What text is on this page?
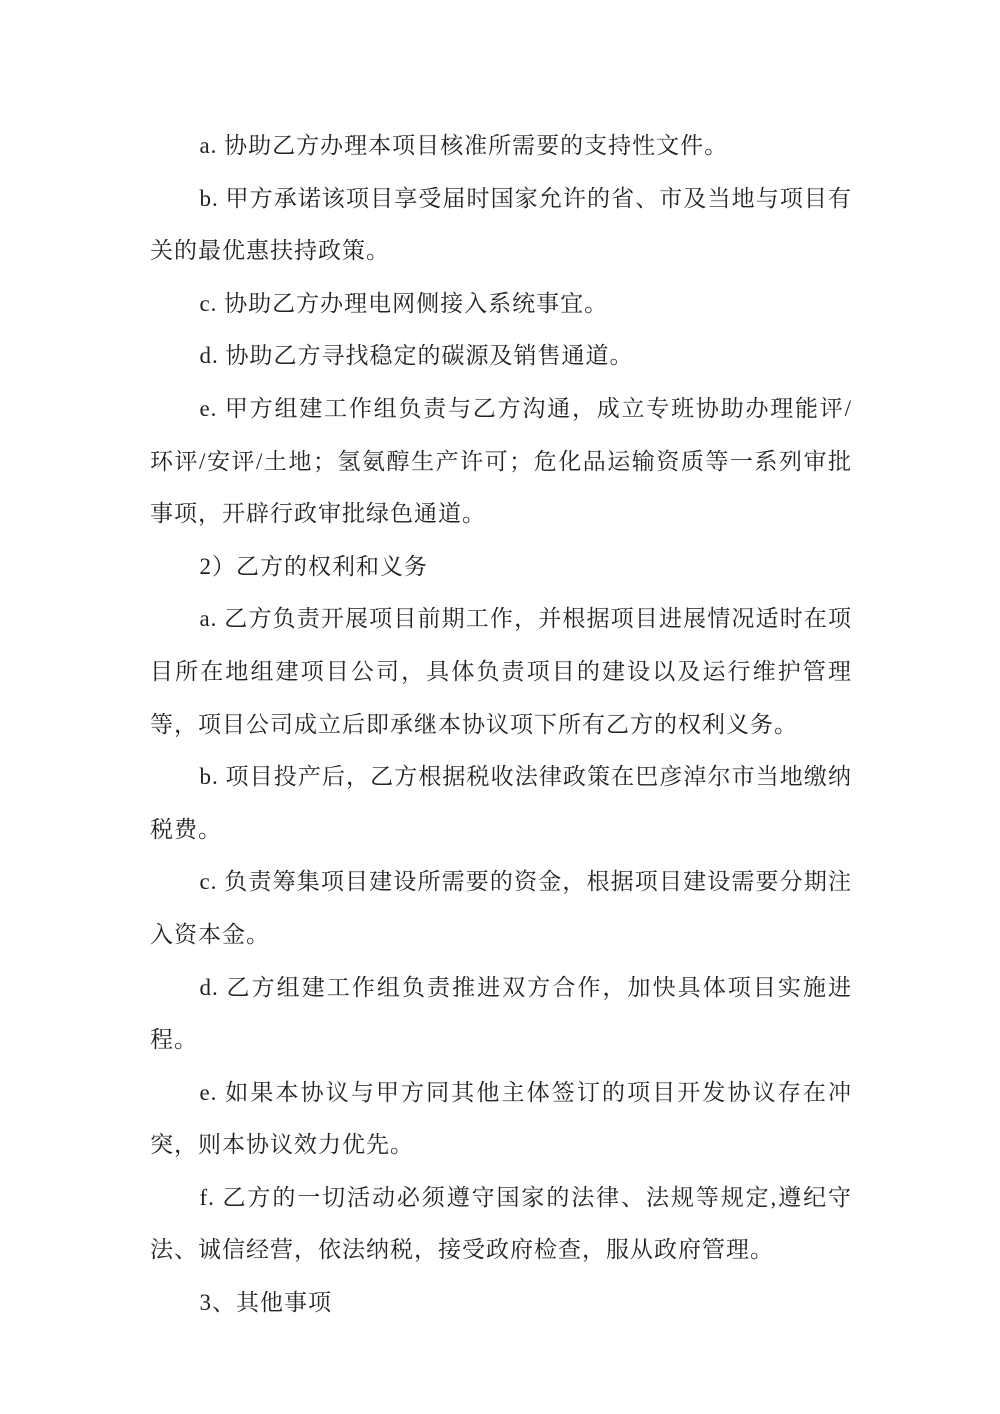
a. 协助乙方办理本项目核准所需要的支持性文件。

b. 甲方承诺该项目享受届时国家允许的省、市及当地与项目有关的最优惠扶持政策。

c. 协助乙方办理电网侧接入系统事宜。

d. 协助乙方寻找稳定的碳源及销售通道。

e. 甲方组建工作组负责与乙方沟通，成立专班协助办理能评/环评/安评/土地；氢氨醇生产许可；危化品运输资质等一系列审批事项，开辟行政审批绿色通道。

2）乙方的权利和义务

a. 乙方负责开展项目前期工作，并根据项目进展情况适时在项目所在地组建项目公司，具体负责项目的建设以及运行维护管理等，项目公司成立后即承继本协议项下所有乙方的权利义务。

b. 项目投产后，乙方根据税收法律政策在巴彦淖尔市当地缴纳税费。

c. 负责筹集项目建设所需要的资金，根据项目建设需要分期注入资本金。

d. 乙方组建工作组负责推进双方合作，加快具体项目实施进程。

e. 如果本协议与甲方同其他主体签订的项目开发协议存在冲突，则本协议效力优先。

f. 乙方的一切活动必须遵守国家的法律、法规等规定,遵纪守法、诚信经营，依法纳税，接受政府检查，服从政府管理。

3、其他事项
